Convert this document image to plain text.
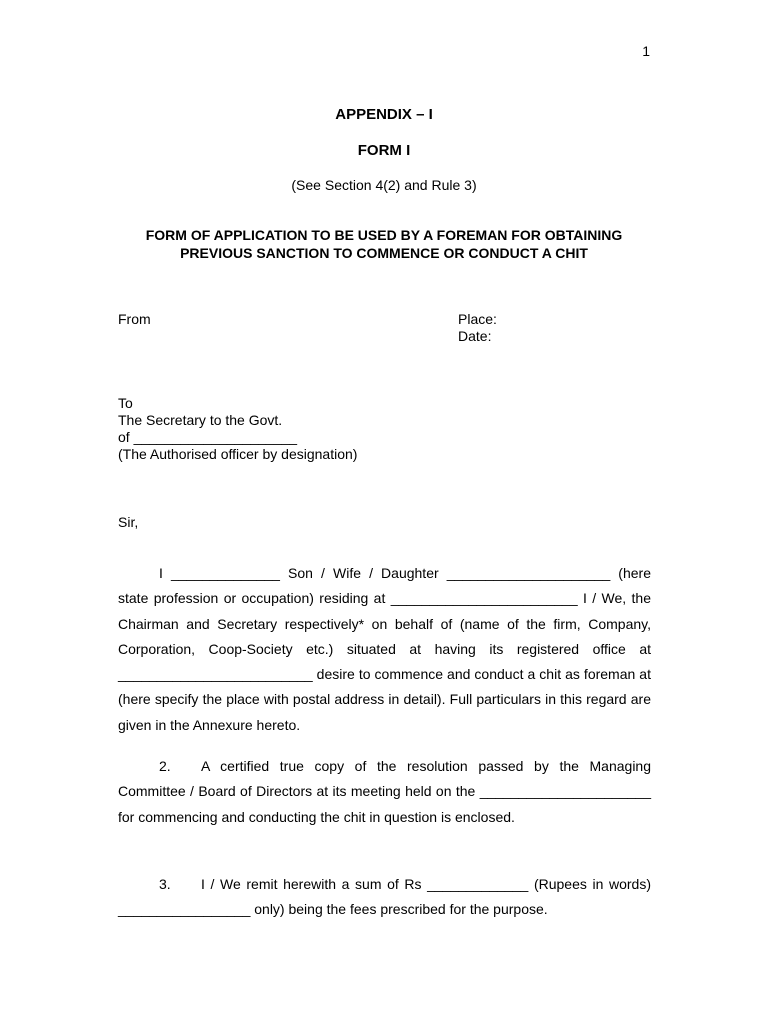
1
APPENDIX – I
FORM I
(See Section 4(2) and Rule 3)
FORM OF APPLICATION TO BE USED BY A FOREMAN FOR OBTAINING
PREVIOUS SANCTION TO COMMENCE OR CONDUCT A CHIT
From	Place:
Date:
To
The Secretary to the Govt.
of _____________________
(The Authorised officer by designation)
Sir,

I ______________ Son / Wife / Daughter _____________________ (here state profession or occupation) residing at ________________________ I / We, the Chairman and Secretary respectively* on behalf of (name of the firm, Company, Corporation, Coop-Society etc.) situated at having its registered office at _________________________ desire to commence and conduct a chit as foreman at (here specify the place with postal address in detail). Full particulars in this regard are given in the Annexure hereto.

2. A certified true copy of the resolution passed by the Managing Committee / Board of Directors at its meeting held on the ______________________ for commencing and conducting the chit in question is enclosed.

3. I / We remit herewith a sum of Rs _____________ (Rupees in words) _________________ only) being the fees prescribed for the purpose.
